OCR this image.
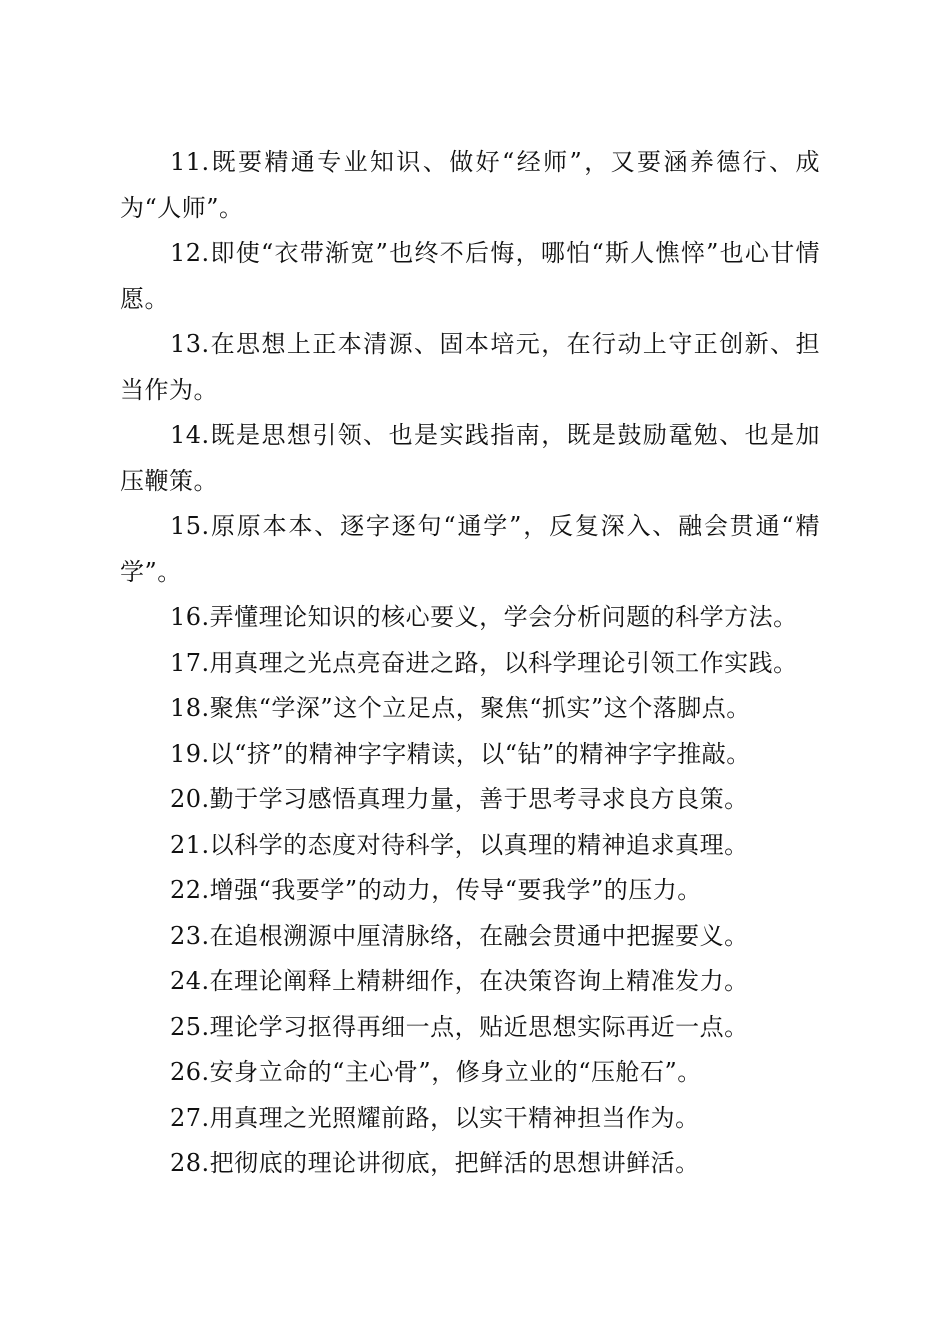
11.既要精通专业知识、做好“经师”，又要涵养德行、成为“人师”。

12.即使“衣带渐宽”也终不后悔，哪怕“斯人憔悴”也心甘情愿。

13.在思想上正本清源、固本培元，在行动上守正创新、担当作为。

14.既是思想引领、也是实践指南，既是鼓励鼋勉、也是加压鞭策。

15.原原本本、逐字逐句“通学”，反复深入、融会贯通“精学”。

16.弄懂理论知识的核心要义，学会分析问题的科学方法。

17.用真理之光点亮奋进之路，以科学理论引领工作实践。

18.聚焦“学深”这个立足点，聚焦“抓实”这个落脚点。

19.以“挤”的精神字字精读，以“钻”的精神字字推敲。

20.勤于学习感悟真理力量，善于思考寻求良方良策。

21.以科学的态度对待科学，以真理的精神追求真理。

22.增强“我要学”的动力，传导“要我学”的压力。

23.在追根溯源中厘清脉络，在融会贯通中把握要义。

24.在理论阐释上精耕细作，在决策咨询上精准发力。

25.理论学习抠得再细一点，贴近思想实际再近一点。

26.安身立命的“主心骨”，修身立业的“压舱石”。

27.用真理之光照耀前路，以实干精神担当作为。

28.把彻底的理论讲彻底，把鲜活的思想讲鲜活。
